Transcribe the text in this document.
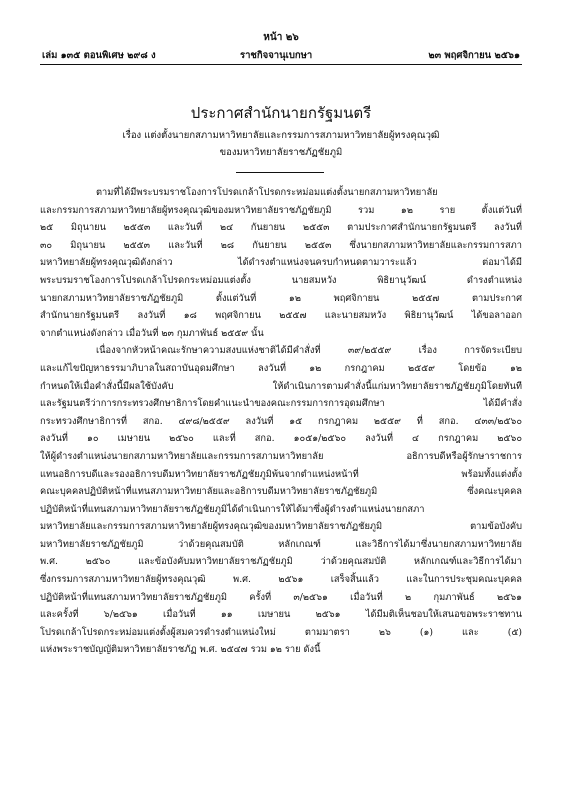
หน้า ๒๖
เล่ม ๑๓๕ ตอนพิเศษ ๒๙๘ ง	ราชกิจจานุเบกษา	๒๓ พฤศจิกายน ๒๕๖๑
ประกาศสำนักนายกรัฐมนตรี
เรื่อง แต่งตั้งนายกสภามหาวิทยาลัยและกรรมการสภามหาวิทยาลัยผู้ทรงคุณวุฒิ
ของมหาวิทยาลัยราชภัฏชัยภูมิ

ตามที่ได้มีพระบรมราชโองการโปรดเกล้าโปรดกระหม่อมแต่งตั้งนายกสภามหาวิทยาลัย
และกรรมการสภามหาวิทยาลัยผู้ทรงคุณวุฒิของมหาวิทยาลัยราชภัฏชัยภูมิ รวม ๑๒ ราย ตั้งแต่วันที่
๒๕ มิถุนายน ๒๕๕๓ และวันที่ ๒๔ กันยายน ๒๕๕๓ ตามประกาศสำนักนายกรัฐมนตรี ลงวันที่
๓๐ มิถุนายน ๒๕๕๓ และวันที่ ๒๘ กันยายน ๒๕๕๓ ซึ่งนายกสภามหาวิทยาลัยและกรรมการสภา
มหาวิทยาลัยผู้ทรงคุณวุฒิดังกล่าว ได้ดำรงตำแหน่งจนครบกำหนดตามวาระแล้ว ต่อมาได้มี
พระบรมราชโองการโปรดเกล้าโปรดกระหม่อมแต่งตั้ง นายสมหวัง พิธิยานุวัฒน์ ดำรงตำแหน่ง
นายกสภามหาวิทยาลัยราชภัฏชัยภูมิ ตั้งแต่วันที่ ๑๒ พฤศจิกายน ๒๕๕๗ ตามประกาศ
สำนักนายกรัฐมนตรี ลงวันที่ ๑๘ พฤศจิกายน ๒๕๕๗ และนายสมหวัง พิธิยานุวัฒน์ ได้ขอลาออก
จากตำแหน่งดังกล่าว เมื่อวันที่ ๒๓ กุมภาพันธ์ ๒๕๕๙ นั้น

เนื่องจากหัวหน้าคณะรักษาความสงบแห่งชาติได้มีคำสั่งที่ ๓๙/๒๕๕๙ เรื่อง การจัดระเบียบ
และแก้ไขปัญหาธรรมาภิบาลในสถาบันอุดมศึกษา ลงวันที่ ๑๒ กรกฎาคม ๒๕๕๙ โดยข้อ ๑๒
กำหนดให้เมื่อคำสั่งนี้มีผลใช้บังคับ ให้ดำเนินการตามคำสั่งนี้แก่มหาวิทยาลัยราชภัฏชัยภูมิโดยทันที
และรัฐมนตรีว่าการกระทรวงศึกษาธิการโดยคำแนะนำของคณะกรรมการการอุดมศึกษา ได้มีคำสั่ง
กระทรวงศึกษาธิการที่ สกอ. ๔๙๘/๒๕๕๙ ลงวันที่ ๑๕ กรกฎาคม ๒๕๕๙ ที่ สกอ. ๔๓๓/๒๕๖๐
ลงวันที่ ๑๐ เมษายน ๒๕๖๐ และที่ สกอ. ๑๐๕๑/๒๕๖๐ ลงวันที่ ๔ กรกฎาคม ๒๕๖๐
ให้ผู้ดำรงตำแหน่งนายกสภามหาวิทยาลัยและกรรมการสภามหาวิทยาลัย อธิการบดีหรือผู้รักษาราชการ
แทนอธิการบดีและรองอธิการบดีมหาวิทยาลัยราชภัฏชัยภูมิพ้นจากตำแหน่งหน้าที่ พร้อมทั้งแต่งตั้ง
คณะบุคคลปฏิบัติหน้าที่แทนสภามหาวิทยาลัยและอธิการบดีมหาวิทยาลัยราชภัฏชัยภูมิ ซึ่งคณะบุคคล
ปฏิบัติหน้าที่แทนสภามหาวิทยาลัยราชภัฏชัยภูมิได้ดำเนินการให้ได้มาซึ่งผู้ดำรงตำแหน่งนายกสภา
มหาวิทยาลัยและกรรมการสภามหาวิทยาลัยผู้ทรงคุณวุฒิของมหาวิทยาลัยราชภัฏชัยภูมิ ตามข้อบังคับ
มหาวิทยาลัยราชภัฏชัยภูมิ ว่าด้วยคุณสมบัติ หลักเกณฑ์ และวิธีการได้มาซึ่งนายกสภามหาวิทยาลัย
พ.ศ. ๒๕๖๐ และข้อบังคับมหาวิทยาลัยราชภัฏชัยภูมิ ว่าด้วยคุณสมบัติ หลักเกณฑ์และวิธีการได้มา
ซึ่งกรรมการสภามหาวิทยาลัยผู้ทรงคุณวุฒิ พ.ศ. ๒๕๖๑ เสร็จสิ้นแล้ว และในการประชุมคณะบุคคล
ปฏิบัติหน้าที่แทนสภามหาวิทยาลัยราชภัฏชัยภูมิ ครั้งที่ ๓/๒๕๖๑ เมื่อวันที่ ๒ กุมภาพันธ์ ๒๕๖๑
และครั้งที่ ๖/๒๕๖๑ เมื่อวันที่ ๑๑ เมษายน ๒๕๖๑ ได้มีมติเห็นชอบให้เสนอขอพระราชทาน
โปรดเกล้าโปรดกระหม่อมแต่งตั้งผู้สมควรดำรงตำแหน่งใหม่ ตามมาตรา ๒๖ (๑) และ (๕)
แห่งพระราชบัญญัติมหาวิทยาลัยราชภัฏ พ.ศ. ๒๕๔๗ รวม ๑๒ ราย ดังนี้
